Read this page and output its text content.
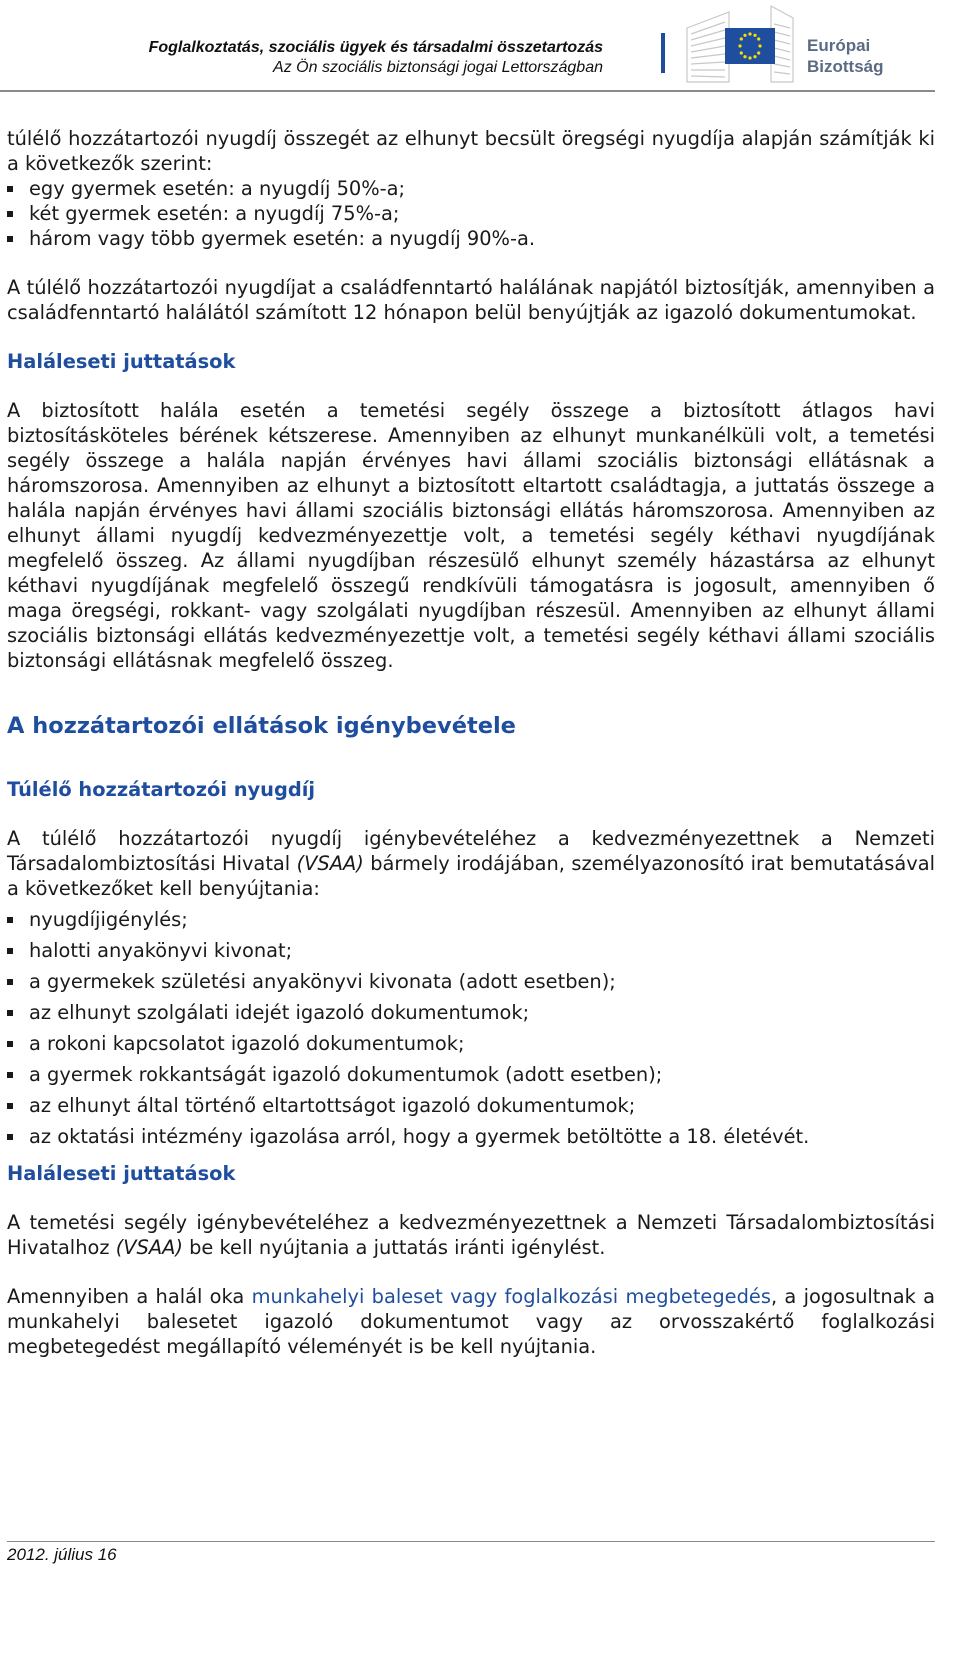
Foglalkoztatás, szociális ügyek és társadalmi összetartozás
Az Ön szociális biztonsági jogai Lettországban
Európai
Bizottság

túlélő hozzátartozói nyugdíj összegét az elhunyt becsült öregségi nyugdíja alapján számítják ki a következők szerint:

egy gyermek esetén: a nyugdíj 50%-a;
két gyermek esetén: a nyugdíj 75%-a;
három vagy több gyermek esetén: a nyugdíj 90%-a.

A túlélő hozzátartozói nyugdíjat a családfenntartó halálának napjától biztosítják, amennyiben a családfenntartó halálától számított 12 hónapon belül benyújtják az igazoló dokumentumokat.

Haláleseti juttatások

A biztosított halála esetén a temetési segély összege a biztosított átlagos havi biztosításköteles bérének kétszerese. Amennyiben az elhunyt munkanélküli volt, a temetési segély összege a halála napján érvényes havi állami szociális biztonsági ellátásnak a háromszorosa. Amennyiben az elhunyt a biztosított eltartott családtagja, a juttatás összege a halála napján érvényes havi állami szociális biztonsági ellátás háromszorosa. Amennyiben az elhunyt állami nyugdíj kedvezményezettje volt, a temetési segély kéthavi nyugdíjának megfelelő összeg. Az állami nyugdíjban részesülő elhunyt személy házastársa az elhunyt kéthavi nyugdíjának megfelelő összegű rendkívüli támogatásra is jogosult, amennyiben ő maga öregségi, rokkant- vagy szolgálati nyugdíjban részesül. Amennyiben az elhunyt állami szociális biztonsági ellátás kedvezményezettje volt, a temetési segély kéthavi állami szociális biztonsági ellátásnak megfelelő összeg.

A hozzátartozói ellátások igénybevétele

Túlélő hozzátartozói nyugdíj

A túlélő hozzátartozói nyugdíj igénybevételéhez a kedvezményezettnek a Nemzeti Társadalombiztosítási Hivatal (VSAA) bármely irodájában, személyazonosító irat bemutatásával a következőket kell benyújtania:

nyugdíjigénylés;
halotti anyakönyvi kivonat;
a gyermekek születési anyakönyvi kivonata (adott esetben);
az elhunyt szolgálati idejét igazoló dokumentumok;
a rokoni kapcsolatot igazoló dokumentumok;
a gyermek rokkantságát igazoló dokumentumok (adott esetben);
az elhunyt által történő eltartottságot igazoló dokumentumok;
az oktatási intézmény igazolása arról, hogy a gyermek betöltötte a 18. életévét.

Haláleseti juttatások

A temetési segély igénybevételéhez a kedvezményezettnek a Nemzeti Társadalombiztosítási Hivatalhoz (VSAA) be kell nyújtania a juttatás iránti igénylést.

Amennyiben a halál oka munkahelyi baleset vagy foglalkozási megbetegedés, a jogosultnak a munkahelyi balesetet igazoló dokumentumot vagy az orvosszakértő foglalkozási megbetegedést megállapító véleményét is be kell nyújtania.

2012. július 16
